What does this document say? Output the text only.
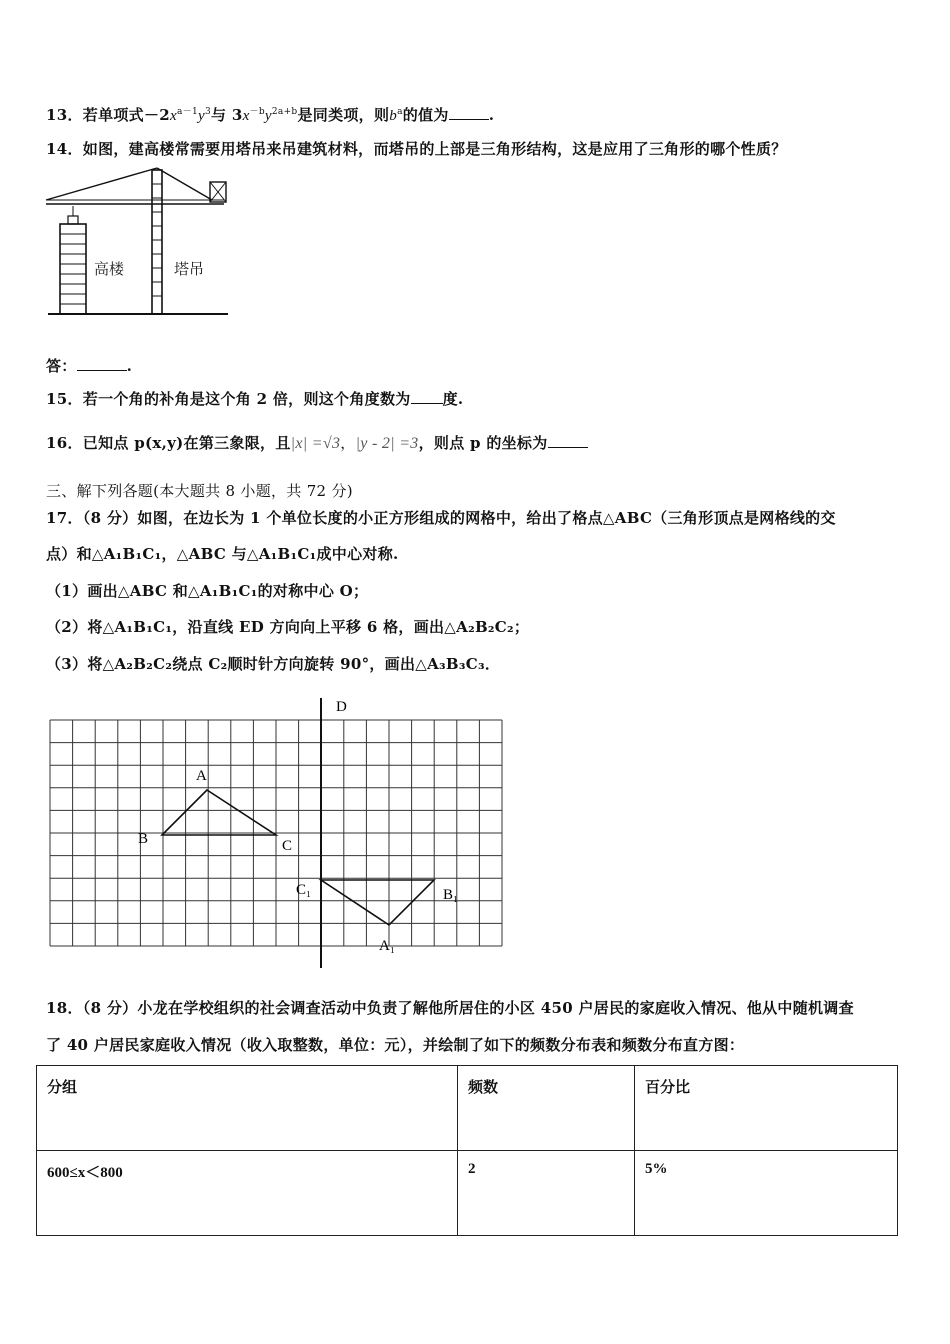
13．若单项式$-2x^{a-1}y^3$与 $3x^{-b}y^{2a+b}$是同类项，则$b^a$的值为	.
14．如图，建高楼常需要用塔吊来吊建筑材料，而塔吊的上部是三角形结构，这是应用了三角形的哪个性质？
高楼	塔吊
答：	.
15．若一个角的补角是这个角 2 倍，则这个角度数为 度.
16．已知点 p(x,y)在第三象限，且|x| =√3，|y - 2| =3，则点 p 的坐标为
三、解下列各题(本大题共 8 小题，共 72 分)
17．（8 分）如图，在边长为 1 个单位长度的小正方形组成的网格中，给出了格点△ABC（三角形顶点是网格线的交
点）和△A₁B₁C₁，△ABC 与△A₁B₁C₁成中心对称.
（1）画出△ABC 和△A₁B₁C₁的对称中心 O；
（2）将△A₁B₁C₁，沿直线 ED 方向向上平移 6 格，画出△A₂B₂C₂；
（3）将△A₂B₂C₂绕点 C₂顺时针方向旋转 90°，画出△A₃B₃C₃．
D
A
B	C
C₁	B₁
A₁
18．（8 分）小龙在学校组织的社会调查活动中负责了解他所居住的小区 450 户居民的家庭收入情况、他从中随机调查
了 40 户居民家庭收入情况（收入取整数，单位：元），并绘制了如下的频数分布表和频数分布直方图：
分组	频数	百分比
600≤x＜800	2	5%
